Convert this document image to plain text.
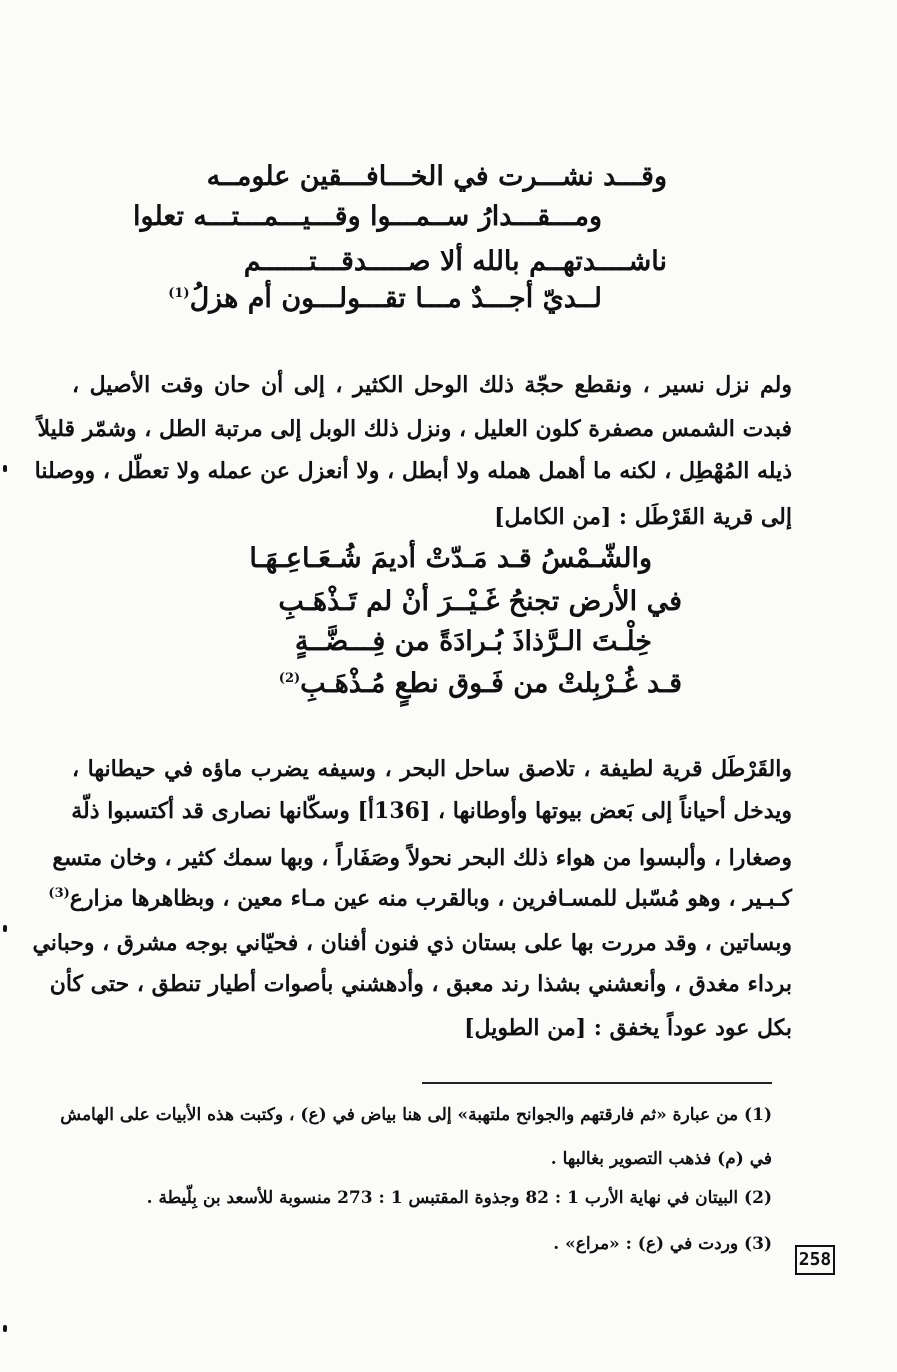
وقـــد نشـــرت في الخـــافـــقين علومــه
ومـــقـــدارُ ســمـــوا وقـــيـــمـــتـــه تعلوا
ناشــــدتهــم بالله ألا صـــــدقـــتــــــم
لــديّ أجـــدٌ مـــا تقـــولـــون أم هزلُ$^{(1)}$
ولم نزل نسير ، ونقطع حجّة ذلك الوحل الكثير ، إلى أن حان وقت الأصيل ،
فبدت الشمس مصفرة كلون العليل ، ونزل ذلك الوبل إلى مرتبة الطل ، وشمّر قليلاً
ذيله المُهْطِل ، لكنه ما أهمل همله ولا أبطل ، ولا أنعزل عن عمله ولا تعطّل ، ووصلنا
إلى قرية القَرْطَل : [من الكامل]
والشّـمْسُ قـد مَـدّتْ أديمَ شُـعَـاعِـهَـا
في الأرض تجنحُ غَـيْــرَ أنْ لم تَـذْهَـبِ
خِلْـتَ الـرَّذاذَ بُـرادَةً من فِـــضَّــةٍ
قـد غُـرْبِلتْ من فَـوق نطعٍ مُـذْهَـبِ$^{(2)}$
والقَرْطَل قرية لطيفة ، تلاصق ساحل البحر ، وسيفه يضرب ماؤه في حيطانها ،
ويدخل أحياناً إلى بَعض بيوتها وأوطانها ، [136أ] وسكّانها نصارى قد أكتسبوا ذلّة
وصغارا ، وألبسوا من هواء ذلك البحر نحولاً وصَفَاراً ، وبها سمك كثير ، وخان متسع
كـبـير ، وهو مُسّبل للمسـافرين ، وبالقرب منه عين مـاء معين ، وبظاهرها مزارع$^{(3)}$
وبساتين ، وقد مررت بها على بستان ذي فنون أفنان ، فحيّاني بوجه مشرق ، وحباني
برداء مغدق ، وأنعشني بشذا رند معبق ، وأدهشني بأصوات أطيار تنطق ، حتى كأن
بكل عود عوداً يخفق : [من الطويل]
(1) من عبارة «ثم فارقتهم والجوانح ملتهبة» إلى هنا بياض في (ع) ، وكتبت هذه الأبيات على الهامش
في (م) فذهب التصوير بغالبها .
(2) البيتان في نهاية الأرب 1 : 82 وجذوة المقتبس 1 : 273 منسوبة للأسعد بن بِلّيطة .
(3) وردت في (ع) : «مراع» .
258
